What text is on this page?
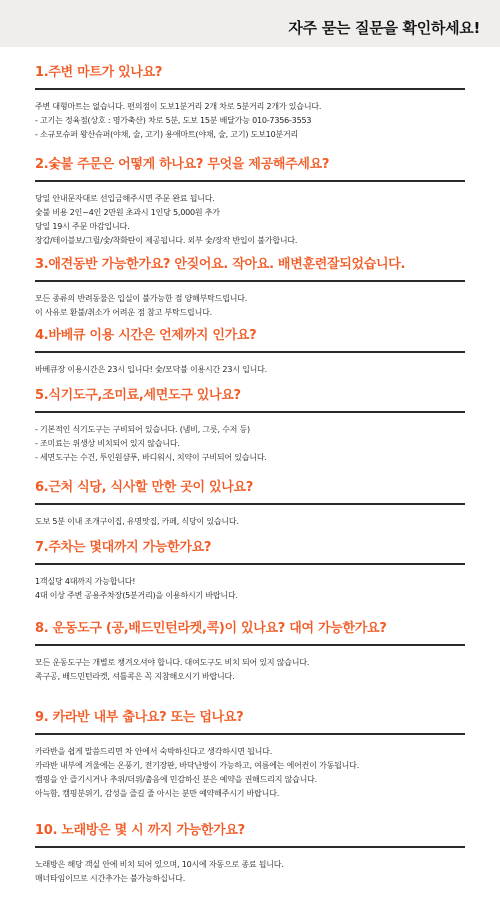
자주 묻는 질문을 확인하세요!
1.주변 마트가 있나요?

주변 대형마트는 없습니다. 편의점이 도보1분거리 2개 차로 5분거리 2개가 있습니다.

- 고기는 정육점(상호 : 명가축산) 차로 5분, 도보 15분 배달가능 010-7356-3553

- 소규모슈퍼 왕산슈퍼(야채, 술, 고기) 용애마트(야채, 술, 고기) 도보10분거리

2.숯불 주문은 어떻게 하나요? 무엇을 제공해주세요?

당일 안내문자대로 선입금해주시면 주문 완료 됩니다.

숯불 비용 2인~4인 2만원 초과시 1인당 5,000원 추가

당일 19시 주문 마감입니다.

장갑/테이블보/그릴/숯/착화탄이 제공됩니다. 외부 숯/장작 반입이 불가합니다.

3.애견동반 가능한가요? 안짖어요. 작아요. 배변훈련잘되었습니다.

모든 종류의 반려동물은 입실이 불가능한 점 양해부탁드립니다.

이 사유로 환불/취소가 어려운 점 참고 부탁드립니다.

4.바베큐 이용 시간은 언제까지 인가요?

바베큐장 이용시간은 23시 입니다! 숯/모닥불 이용시간 23시 입니다.

5.식기도구,조미료,세면도구 있나요?

- 기본적인 식기도구는 구비되어 있습니다. (냄비, 그릇, 수저 등)

- 조미료는 위생상 비치되어 있지 않습니다.

- 세면도구는 수건, 투인원샴푸, 바디워시, 치약이 구비되어 있습니다.

6.근처 식당, 식사할 만한 곳이 있나요?

도보 5분 이내 조개구이집, 유명맛집, 카페, 식당이 있습니다.

7.주차는 몇대까지 가능한가요?

1객실당 4대까지 가능합니다!

4대 이상 주변 공용주차장(5분거리)을 이용하시기 바랍니다.

8. 운동도구 (공,배드민턴라켓,콕)이 있나요? 대여 가능한가요?

모든 운동도구는 개별로 챙겨오셔야 합니다. 대여도구도 비치 되어 있지 않습니다.

족구공, 배드민턴라켓, 셔틀콕은 꼭 지참해오시기 바랍니다.

9. 카라반 내부 춥나요? 또는 덥나요?

카라반을 쉽게 말씀드리면 차 안에서 숙박하신다고 생각하시면 됩니다.

카라반 내부에 겨울에는 온풍기, 전기장판, 바닥난방이 가능하고, 여름에는 에어컨이 가동됩니다.

캠핑을 안 즐기시거나 추위/더위/춥음에 민감하신 분은 예약을 권해드리지 않습니다.

아늑함, 캠핑분위기, 감성을 즐길 줄 아시는 분만 예약해주시기 바랍니다.

10. 노래방은 몇 시 까지 가능한가요?

노래방은 해당 객실 안에 비치 되어 있으며, 10시에 자동으로 종료 됩니다.

매너타임이므로 시간추가는 불가능하십니다.
